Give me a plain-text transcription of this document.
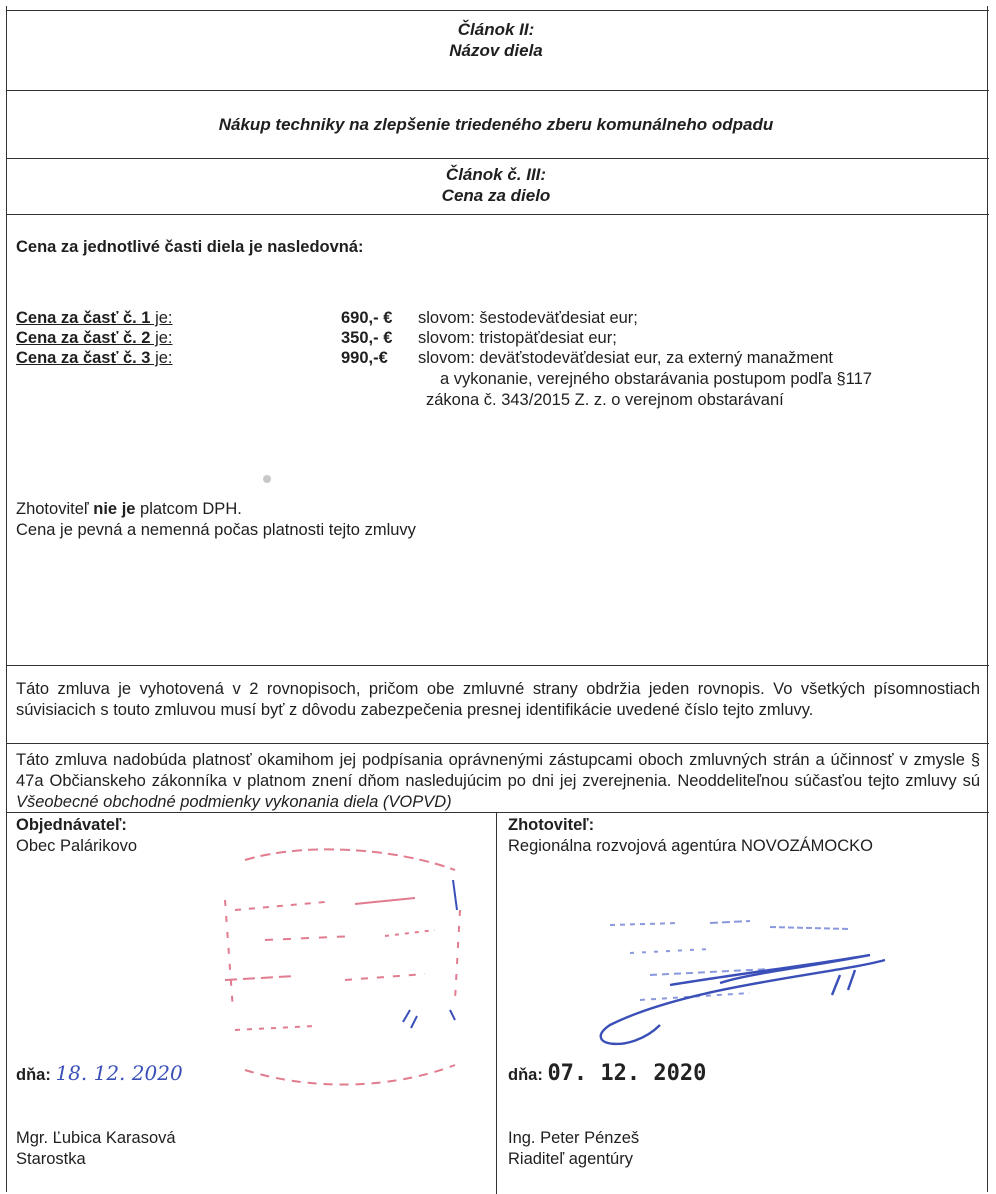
Článok II:
Názov diela
Nákup techniky na zlepšenie triedeného zberu komunálneho odpadu
Článok č. III:
Cena za dielo
Cena za jednotlivé časti diela je nasledovná:
Cena za časť č. 1 je:	690,- € slovom: šestodeväťdesiat eur;
Cena za časť č. 2 je:	350,- € slovom: tristopäťdesiat eur;
Cena za časť č. 3 je:	990,-€ slovom: deväťstodeväťdesiat eur, za externý manažment
a vykonanie, verejného obstarávania postupom podľa §117
zákona č. 343/2015 Z. z. o verejnom obstarávaní
Zhotoviteľ nie je platcom DPH.
Cena je pevná a nemenná počas platnosti tejto zmluvy
Táto zmluva je vyhotovená v 2 rovnopisoch, pričom obe zmluvné strany obdržia jeden rovnopis. Vo všetkých písomnostiach súvisiacich s touto zmluvou musí byť z dôvodu zabezpečenia presnej identifikácie uvedené číslo tejto zmluvy.
Táto zmluva nadobúda platnosť okamihom jej podpísania oprávnenými zástupcami oboch zmluvných strán a účinnosť v zmysle § 47a Občianskeho zákonníka v platnom znení dňom nasledujúcim po dni jej zverejnenia. Neoddeliteľnou súčasťou tejto zmluvy sú Všeobecné obchodné podmienky vykonania diela (VOPVD)
Objednávateľ:
Obec Palárikovo
dňa: 18. 12. 2020
Mgr. Ľubica Karasová
Starostka
Zhotoviteľ:
Regionálna rozvojová agentúra NOVOZÁMOCKO
dňa: 07. 12. 2020
Ing. Peter Pénzeš
Riaditeľ agentúry
